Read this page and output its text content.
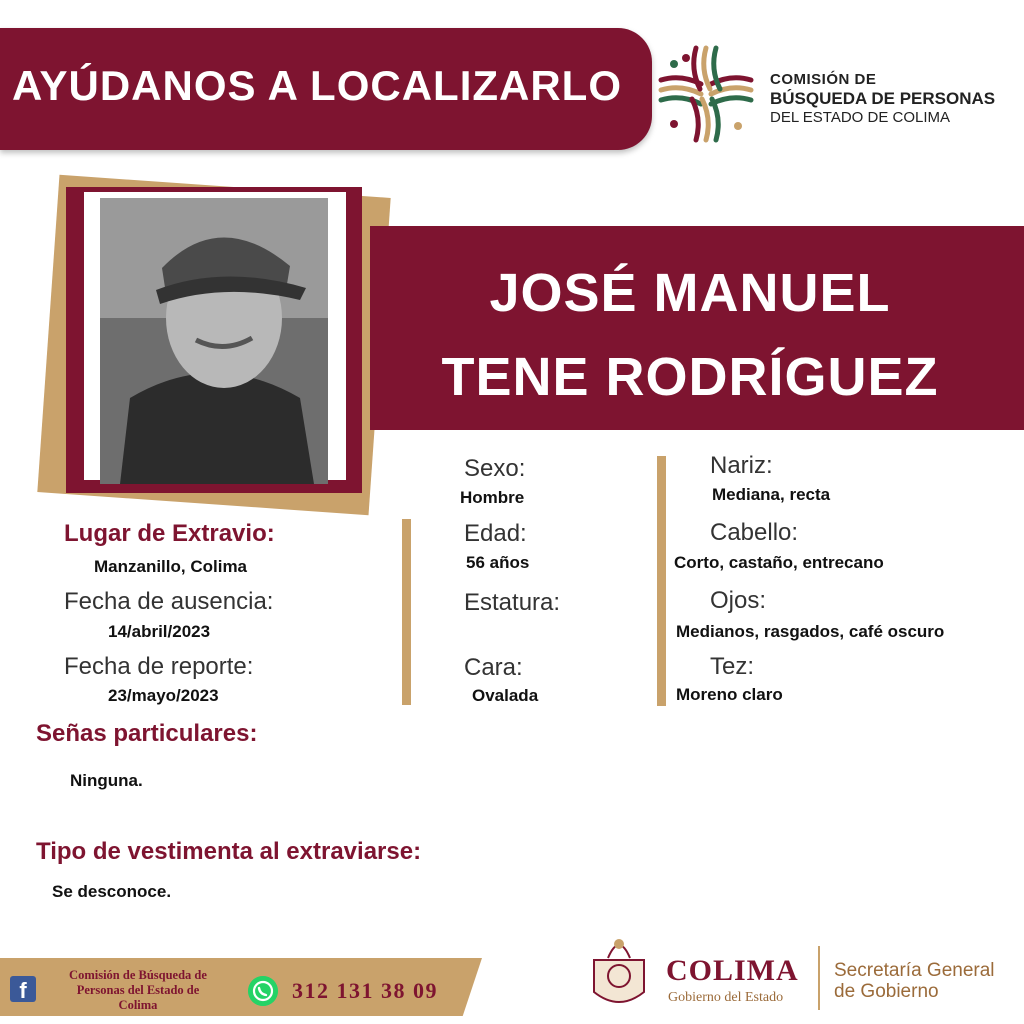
AYÚDANOS A LOCALIZARLO	COMISIÓN DE
BÚSQUEDA DE PERSONAS
DEL ESTADO DE COLIMA
JOSÉ MANUEL
TENE RODRÍGUEZ
Lugar de Extravio:
Manzanillo, Colima
Fecha de ausencia:
14/abril/2023
Fecha de reporte:
23/mayo/2023
Sexo:
Hombre
Edad:
56 años
Estatura:
Cara:
Ovalada
Nariz:
Mediana, recta
Cabello:
Corto, castaño, entrecano
Ojos:
Medianos, rasgados, café oscuro
Tez:
Moreno claro
Señas particulares:
Ninguna.
Tipo de vestimenta al extraviarse:
Se desconoce.
f
Comisión de Búsqueda de
Personas del Estado de
Colima
312 131 38 09
COLIMA
Gobierno del Estado
Secretaría General
de Gobierno
